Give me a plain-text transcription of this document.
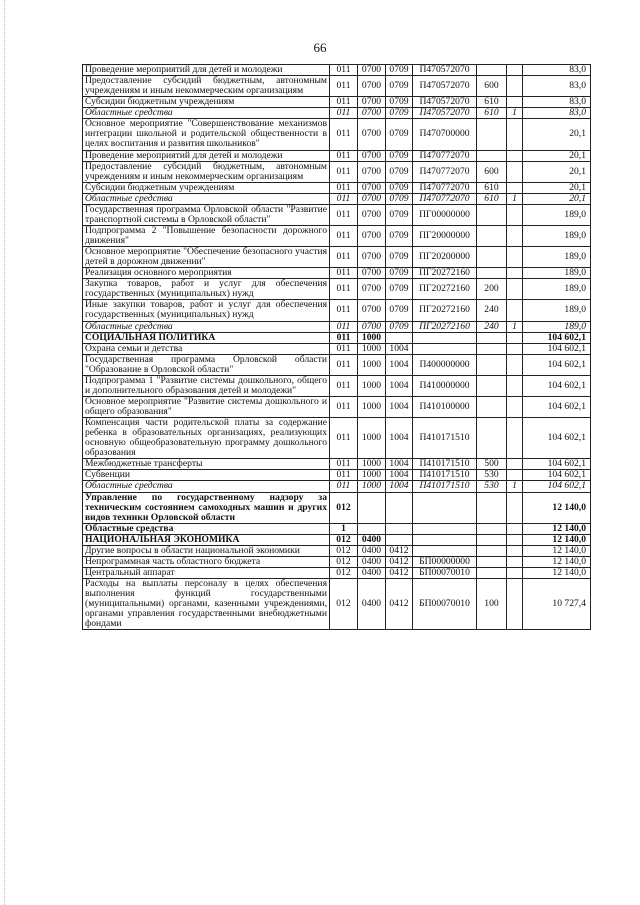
66
Проведение мероприятий для детей и молодежи	011	0700	0709	П470572070			83,0
Предоставление субсидий бюджетным, автономным учреждениям и иным некоммерческим организациям	011	0700	0709	П470572070	600		83,0
Субсидии бюджетным учреждениям	011	0700	0709	П470572070	610		83,0
Областные средства	011	0700	0709	П470572070	610	1	83,0
Основное мероприятие "Совершенствование механизмов интеграции школьной и родительской общественности в целях воспитания и развития школьников"	011	0700	0709	П470700000			20,1
Проведение мероприятий для детей и молодежи	011	0700	0709	П470772070			20,1
Предоставление субсидий бюджетным, автономным учреждениям и иным некоммерческим организациям	011	0700	0709	П470772070	600		20,1
Субсидии бюджетным учреждениям	011	0700	0709	П470772070	610		20,1
Областные средства	011	0700	0709	П470772070	610	1	20,1
Государственная программа Орловской области "Развитие транспортной системы в Орловской области"	011	0700	0709	ПГ00000000			189,0
Подпрограмма 2 "Повышение безопасности дорожного движения"	011	0700	0709	ПГ20000000			189,0
Основное мероприятие "Обеспечение безопасного участия детей в дорожном движении"	011	0700	0709	ПГ20200000			189,0
Реализация основного мероприятия	011	0700	0709	ПГ20272160			189,0
Закупка товаров, работ и услуг для обеспечения государственных (муниципальных) нужд	011	0700	0709	ПГ20272160	200		189,0
Иные закупки товаров, работ и услуг для обеспечения государственных (муниципальных) нужд	011	0700	0709	ПГ20272160	240		189,0
Областные средства	011	0700	0709	ПГ20272160	240	1	189,0
СОЦИАЛЬНАЯ ПОЛИТИКА	011	1000					104 602,1
Охрана семьи и детства	011	1000	1004				104 602,1
Государственная программа Орловской области "Образование в Орловской области"	011	1000	1004	П400000000			104 602,1
Подпрограмма 1 "Развитие системы дошкольного, общего и дополнительного образования детей и молодежи"	011	1000	1004	П410000000			104 602,1
Основное мероприятие "Развитие системы дошкольного и общего образования"	011	1000	1004	П410100000			104 602,1
Компенсация части родительской платы за содержание ребенка в образовательных организациях, реализующих основную общеобразовательную программу дошкольного образования	011	1000	1004	П410171510			104 602,1
Межбюджетные трансферты	011	1000	1004	П410171510	500		104 602,1
Субвенции	011	1000	1004	П410171510	530		104 602,1
Областные средства	011	1000	1004	П410171510	530	1	104 602,1
Управление по государственному надзору за техническим состоянием самоходных машин и других видов техники Орловской области	012						12 140,0
Областные средства	1						12 140,0
НАЦИОНАЛЬНАЯ ЭКОНОМИКА	012	0400					12 140,0
Другие вопросы в области национальной экономики	012	0400	0412				12 140,0
Непрограммная часть областного бюджета	012	0400	0412	БП00000000			12 140,0
Центральный аппарат	012	0400	0412	БП00070010			12 140,0
Расходы на выплаты персоналу в целях обеспечения выполнения функций государственными (муниципальными) органами, казенными учреждениями, органами управления государственными внебюджетными фондами	012	0400	0412	БП00070010	100		10 727,4
